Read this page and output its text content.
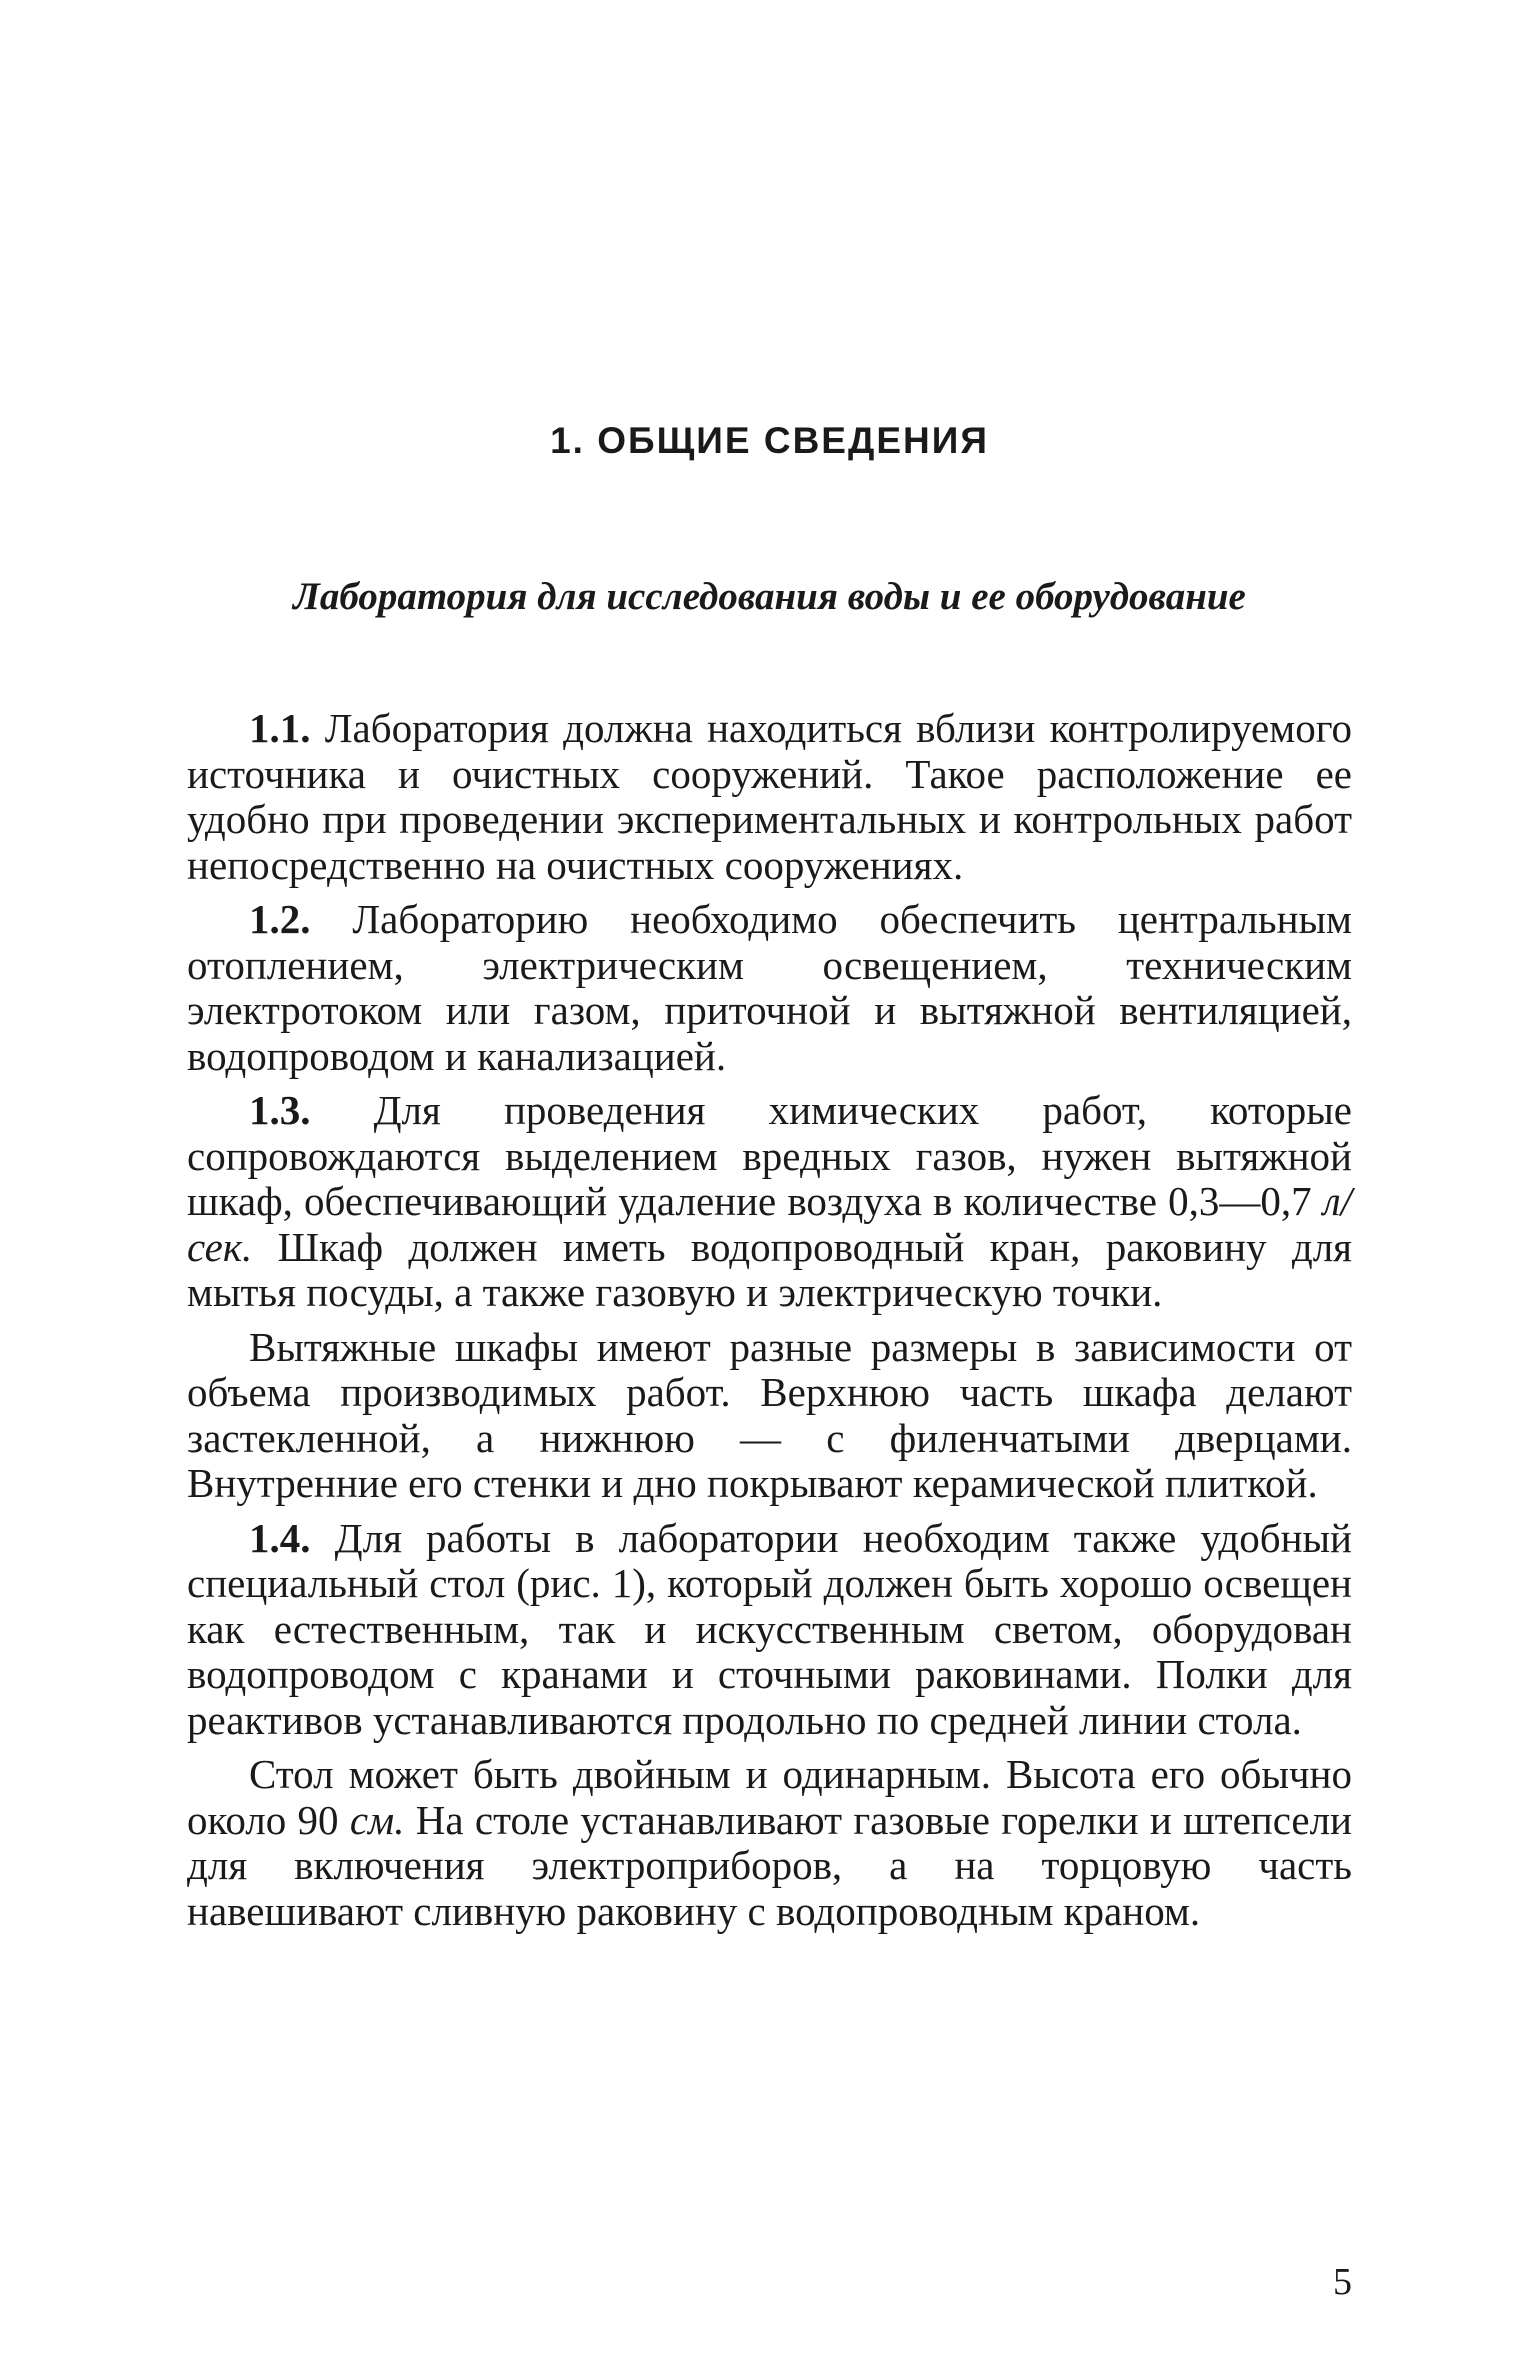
1. ОБЩИЕ СВЕДЕНИЯ
Лаборатория для исследования воды и ее оборудование

1.1. Лаборатория должна находиться вблизи контролируемого источника и очистных сооружений. Такое расположение ее удобно при проведении экспериментальных и контрольных работ непосредственно на очистных сооружениях.

1.2. Лабораторию необходимо обеспечить центральным отоплением, электрическим освещением, техническим электротоком или газом, приточной и вытяжной вентиляцией, водопроводом и канализацией.

1.3. Для проведения химических работ, которые сопровождаются выделением вредных газов, нужен вытяжной шкаф, обеспечивающий удаление воздуха в количестве 0,3—0,7 л/сек. Шкаф должен иметь водопроводный кран, раковину для мытья посуды, а также газовую и электрическую точки.

Вытяжные шкафы имеют разные размеры в зависимости от объема производимых работ. Верхнюю часть шкафа делают застекленной, а нижнюю — с филенчатыми дверцами. Внутренние его стенки и дно покрывают керамической плиткой.

1.4. Для работы в лаборатории необходим также удобный специальный стол (рис. 1), который должен быть хорошо освещен как естественным, так и искусственным светом, оборудован водопроводом с кранами и сточными раковинами. Полки для реактивов устанавливаются продольно по средней линии стола.

Стол может быть двойным и одинарным. Высота его обычно около 90 см. На столе устанавливают газовые горелки и штепсели для включения электроприборов, а на торцовую часть навешивают сливную раковину с водопроводным краном.

5
